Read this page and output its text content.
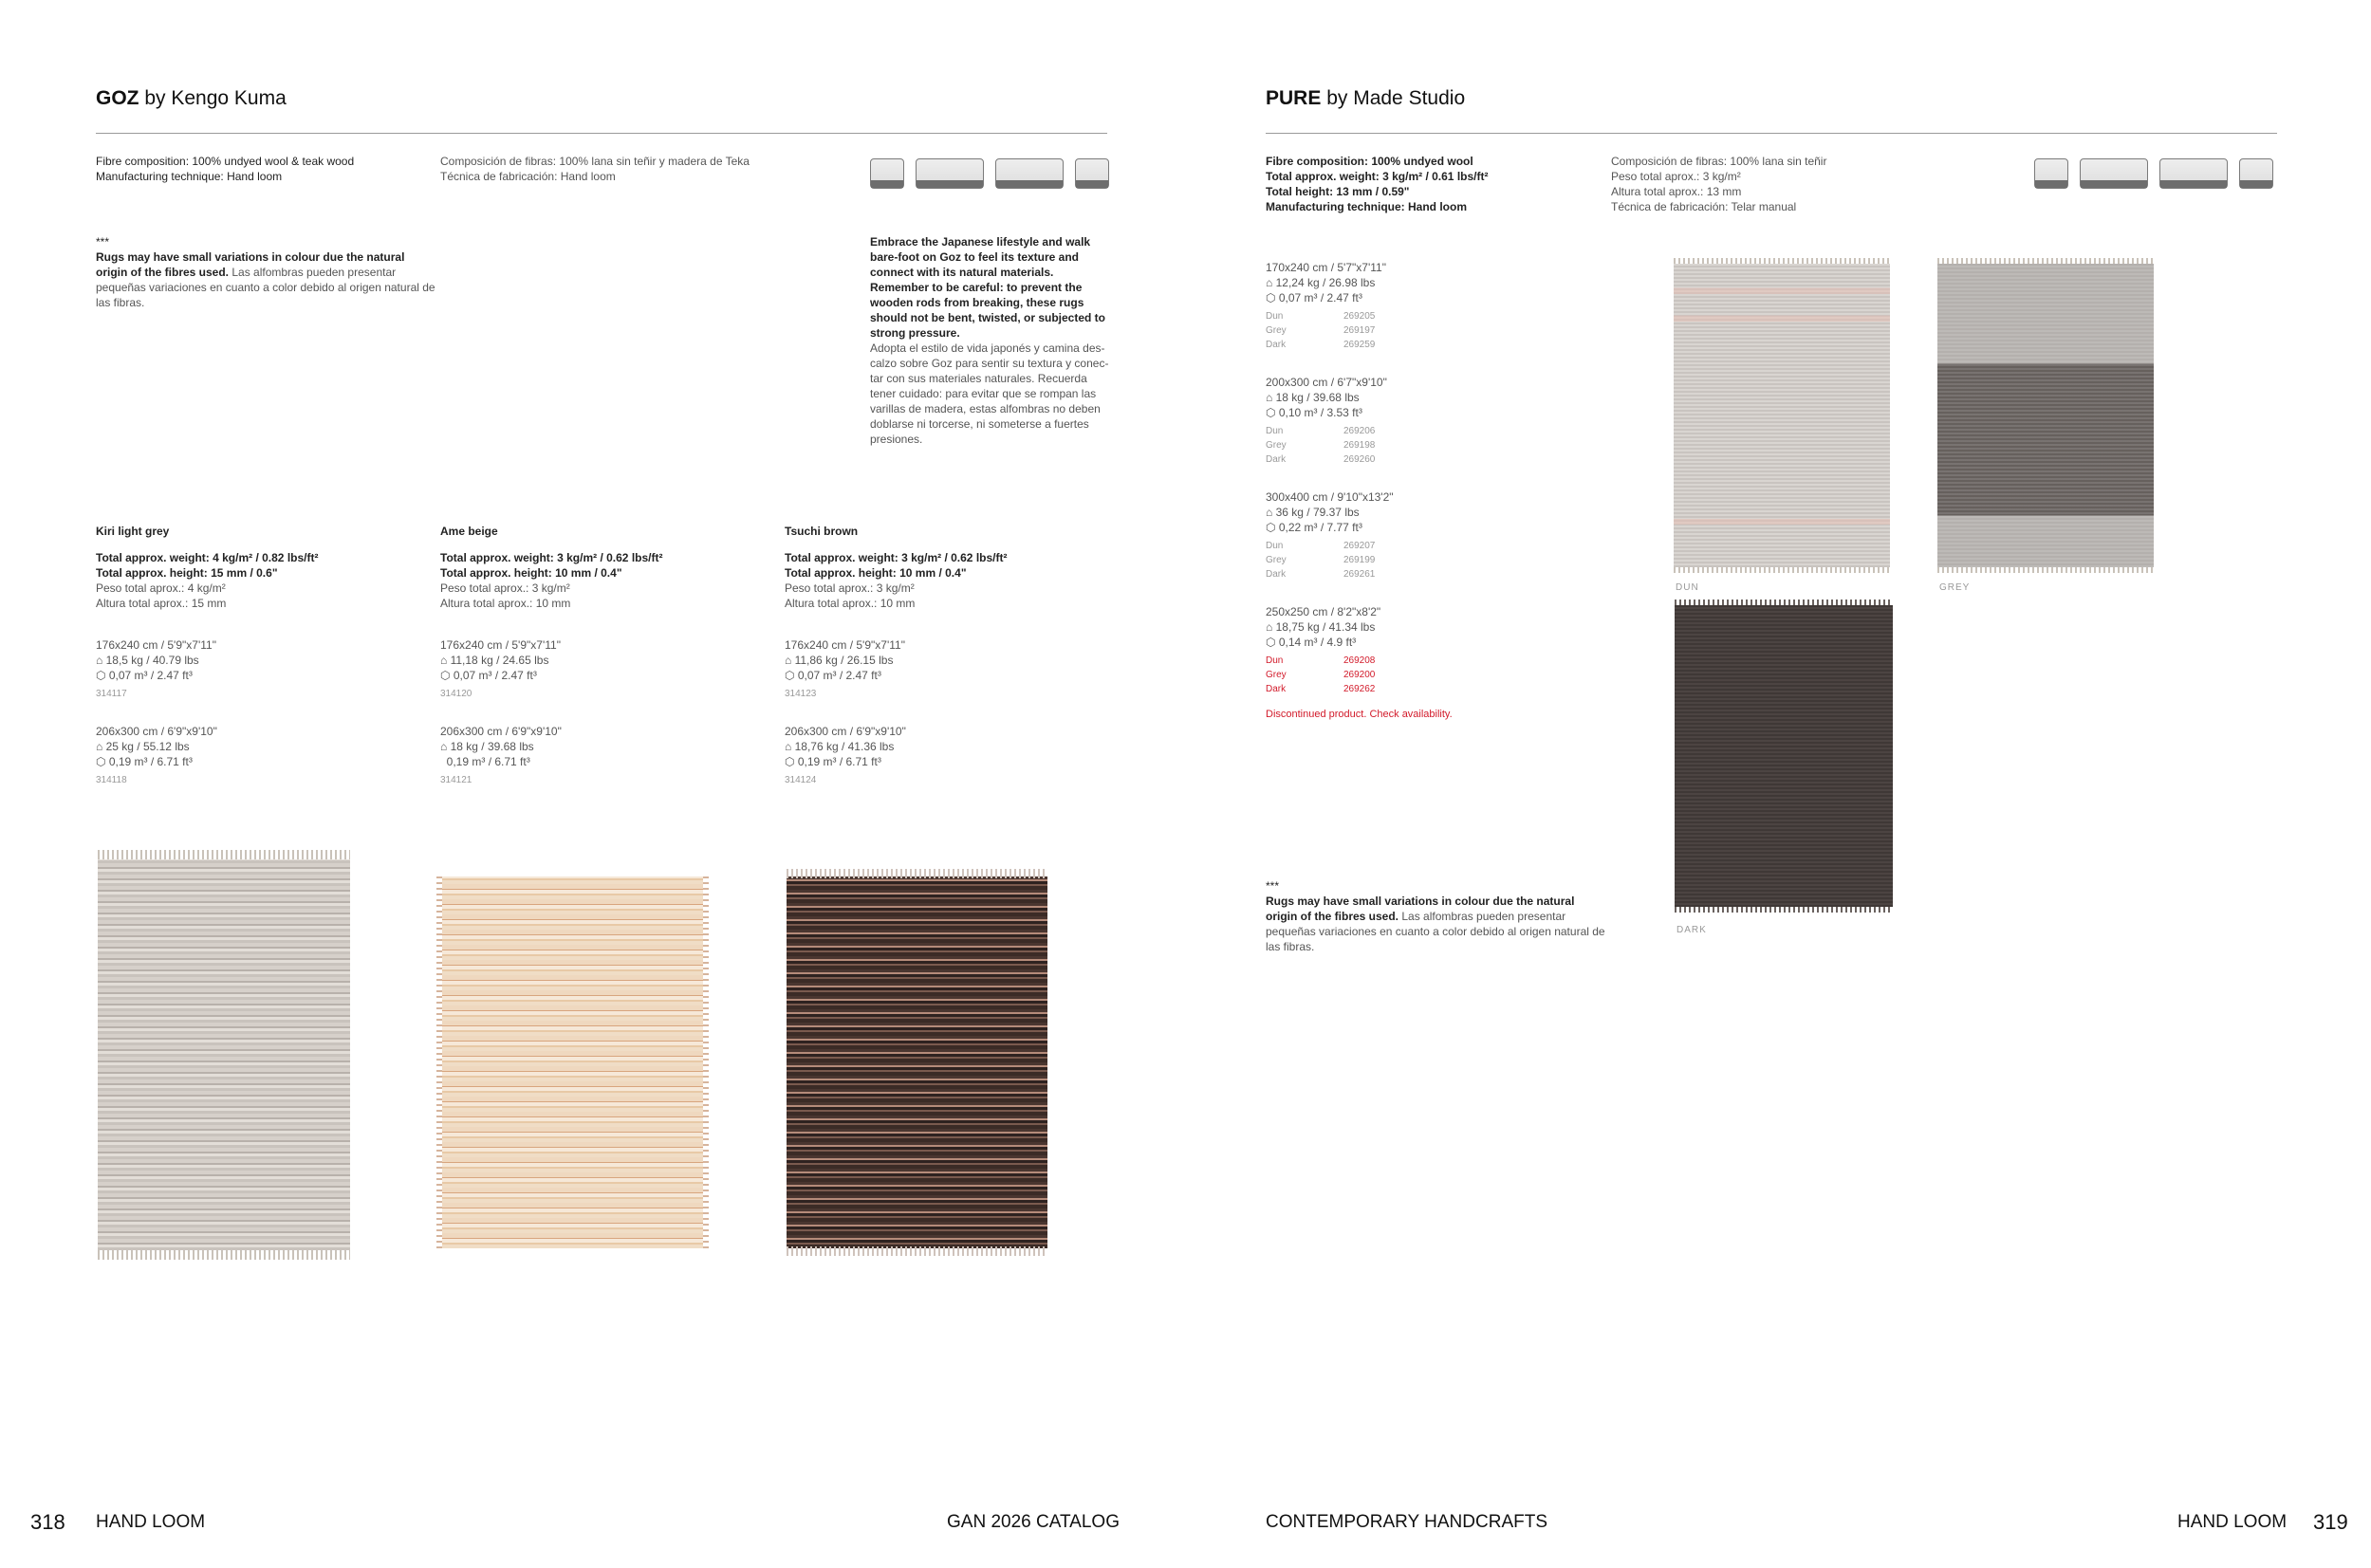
GOZ by Kengo Kuma
Fibre composition: 100% undyed wool & teak wood
Manufacturing technique: Hand loom
Composición de fibras: 100% lana sin teñir y madera de Teka
Técnica de fabricación: Hand loom
***
Rugs may have small variations in colour due the natural origin of the fibres used. Las alfombras pueden presentar pequeñas variaciones en cuanto a color debido al origen natural de las fibras.
Embrace the Japanese lifestyle and walk bare-foot on Goz to feel its texture and connect with its natural materials. Remember to be careful: to prevent the wooden rods from breaking, these rugs should not be bent, twisted, or subjected to strong pressure.
Adopta el estilo de vida japonés y camina des-calzo sobre Goz para sentir su textura y conec-tar con sus materiales naturales. Recuerda tener cuidado: para evitar que se rompan las varillas de madera, estas alfombras no deben doblarse ni torcerse, ni someterse a fuertes presiones.
Kiri light grey
Total approx. weight: 4 kg/m² / 0.82 lbs/ft²
Total approx. height: 15 mm / 0.6"
Peso total aprox.: 4 kg/m²
Altura total aprox.: 15 mm
176x240 cm / 5'9"x7'11"
⌂ 18,5 kg / 40.79 lbs
⬡ 0,07 m³ / 2.47 ft³
314117
206x300 cm / 6'9"x9'10"
⌂ 25 kg / 55.12 lbs
⬡ 0,19 m³ / 6.71 ft³
314118
Ame beige
Total approx. weight: 3 kg/m² / 0.62 lbs/ft²
Total approx. height: 10 mm / 0.4"
Peso total aprox.: 3 kg/m²
Altura total aprox.: 10 mm
176x240 cm / 5'9"x7'11"
⌂ 11,18 kg / 24.65 lbs
⬡ 0,07 m³ / 2.47 ft³
314120
206x300 cm / 6'9"x9'10"
⌂ 18 kg / 39.68 lbs
0,19 m³ / 6.71 ft³
314121
Tsuchi brown
Total approx. weight: 3 kg/m² / 0.62 lbs/ft²
Total approx. height: 10 mm / 0.4"
Peso total aprox.: 3 kg/m²
Altura total aprox.: 10 mm
176x240 cm / 5'9"x7'11"
⌂ 11,86 kg / 26.15 lbs
⬡ 0,07 m³ / 2.47 ft³
314123
206x300 cm / 6'9"x9'10"
⌂ 18,76 kg / 41.36 lbs
⬡ 0,19 m³ / 6.71 ft³
314124
318 HAND LOOM	GAN 2026 CATALOG
PURE by Made Studio
Fibre composition: 100% undyed wool
Total approx. weight: 3 kg/m² / 0.61 lbs/ft²
Total height: 13 mm / 0.59"
Manufacturing technique: Hand loom
Composición de fibras: 100% lana sin teñir
Peso total aprox.: 3 kg/m²
Altura total aprox.: 13 mm
Técnica de fabricación: Telar manual
170x240 cm / 5'7"x7'11"
⌂ 12,24 kg / 26.98 lbs
⬡ 0,07 m³ / 2.47 ft³
Dun	269205
Grey	269197
Dark	269259
200x300 cm / 6'7"x9'10"
⌂ 18 kg / 39.68 lbs
⬡ 0,10 m³ / 3.53 ft³
Dun	269206
Grey	269198
Dark	269260
300x400 cm / 9'10"x13'2"
⌂ 36 kg / 79.37 lbs
⬡ 0,22 m³ / 7.77 ft³
Dun	269207
Grey	269199
Dark	269261
250x250 cm / 8'2"x8'2"
⌂ 18,75 kg / 41.34 lbs
⬡ 0,14 m³ / 4.9 ft³
Dun	269208
Grey	269200
Dark	269262
Discontinued product. Check availability.
***
Rugs may have small variations in colour due the natural origin of the fibres used. Las alfombras pueden presentar pequeñas variaciones en cuanto a color debido al origen natural de las fibras.
DUN	GREY
DARK
CONTEMPORARY HANDCRAFTS	HAND LOOM 319
